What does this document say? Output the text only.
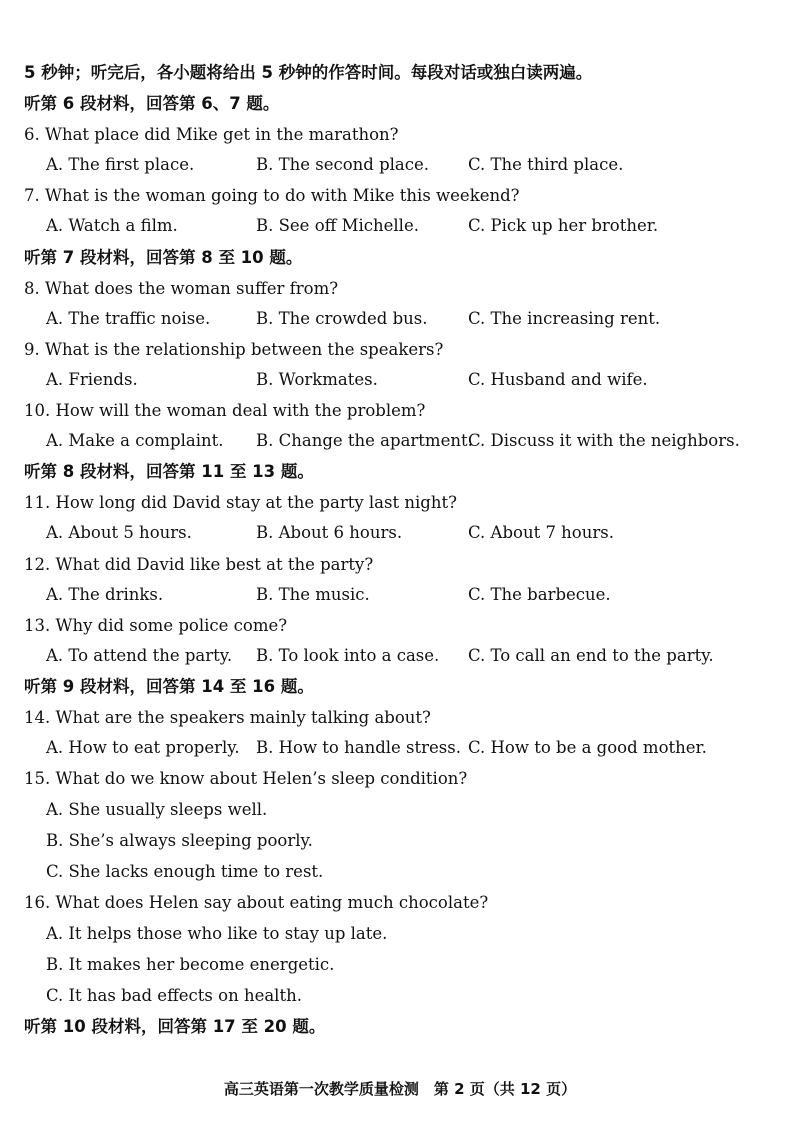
5 秒钟；听完后，各小题将给出 5 秒钟的作答时间。每段对话或独白读两遍。
听第 6 段材料，回答第 6、7 题。
6. What place did Mike get in the marathon?
A. The first place.	B. The second place. C. The third place.
7. What is the woman going to do with Mike this weekend?
A. Watch a film.	B. See off Michelle.	C. Pick up her brother.
听第 7 段材料，回答第 8 至 10 题。
8. What does the woman suffer from?
A. The traffic noise.	B. The crowded bus. C. The increasing rent.
9. What is the relationship between the speakers?
A. Friends.	B. Workmates.	C. Husband and wife.
10. How will the woman deal with the problem?
A. Make a complaint. B. Change the apartment.
C. Discuss it with the neighbors.
听第 8 段材料，回答第 11 至 13 题。
11. How long did David stay at the party last night?
A. About 5 hours.	B. About 6 hours.	C. About 7 hours.
12. What did David like best at the party?
A. The drinks.	B. The music.	C. The barbecue.
13. Why did some police come?
A. To attend the party. B. To look into a case. C. To call an end to the party.
听第 9 段材料，回答第 14 至 16 题。
14. What are the speakers mainly talking about?
A. How to eat properly. B. How to handle stress. C. How to be a good mother.
15. What do we know about Helen’s sleep condition?
A. She usually sleeps well.
B. She’s always sleeping poorly.
C. She lacks enough time to rest.
16. What does Helen say about eating much chocolate?
A. It helps those who like to stay up late.
B. It makes her become energetic.
C. It has bad effects on health.
听第 10 段材料，回答第 17 至 20 题。
高三英语第一次教学质量检测　第 2 页（共 12 页）
